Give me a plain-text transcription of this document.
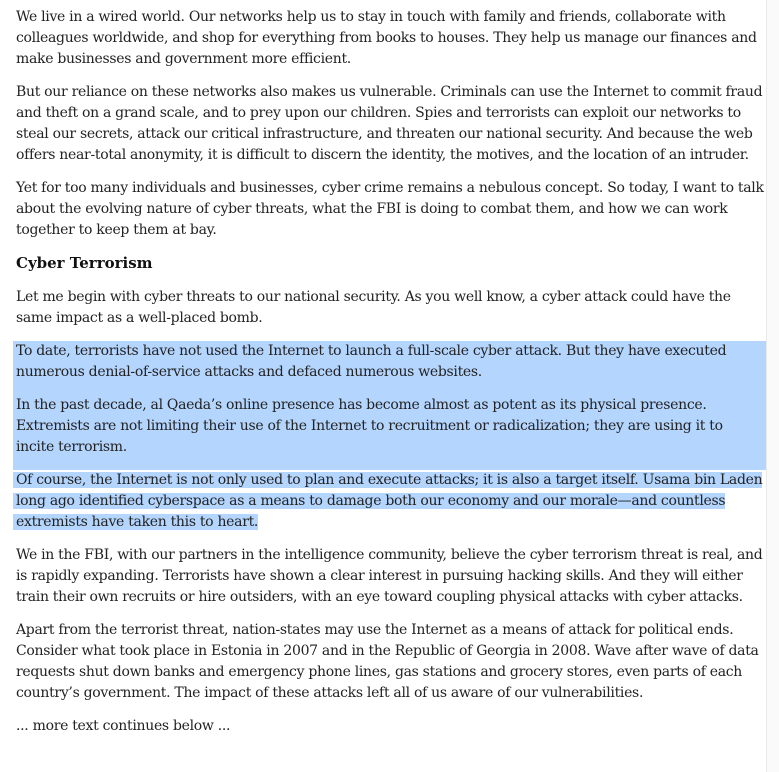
We live in a wired world. Our networks help us to stay in touch with family and friends, collaborate with colleagues worldwide, and shop for everything from books to houses. They help us manage our finances and make businesses and government more efficient.

But our reliance on these networks also makes us vulnerable. Criminals can use the Internet to commit fraud and theft on a grand scale, and to prey upon our children. Spies and terrorists can exploit our networks to steal our secrets, attack our critical infrastructure, and threaten our national security. And because the web offers near-total anonymity, it is difficult to discern the identity, the motives, and the location of an intruder.

Yet for too many individuals and businesses, cyber crime remains a nebulous concept. So today, I want to talk about the evolving nature of cyber threats, what the FBI is doing to combat them, and how we can work together to keep them at bay.

Cyber Terrorism

Let me begin with cyber threats to our national security. As you well know, a cyber attack could have the same impact as a well-placed bomb.

To date, terrorists have not used the Internet to launch a full-scale cyber attack. But they have executed numerous denial-of-service attacks and defaced numerous websites.

In the past decade, al Qaeda’s online presence has become almost as potent as its physical presence. Extremists are not limiting their use of the Internet to recruitment or radicalization; they are using it to incite terrorism.

Of course, the Internet is not only used to plan and execute attacks; it is also a target itself. Usama bin Laden long ago identified cyberspace as a means to damage both our economy and our morale—and countless extremists have taken this to heart.

We in the FBI, with our partners in the intelligence community, believe the cyber terrorism threat is real, and is rapidly expanding. Terrorists have shown a clear interest in pursuing hacking skills. And they will either train their own recruits or hire outsiders, with an eye toward coupling physical attacks with cyber attacks.

Apart from the terrorist threat, nation-states may use the Internet as a means of attack for political ends. Consider what took place in Estonia in 2007 and in the Republic of Georgia in 2008. Wave after wave of data requests shut down banks and emergency phone lines, gas stations and grocery stores, even parts of each country’s government. The impact of these attacks left all of us aware of our vulnerabilities.

... more text continues below ...
